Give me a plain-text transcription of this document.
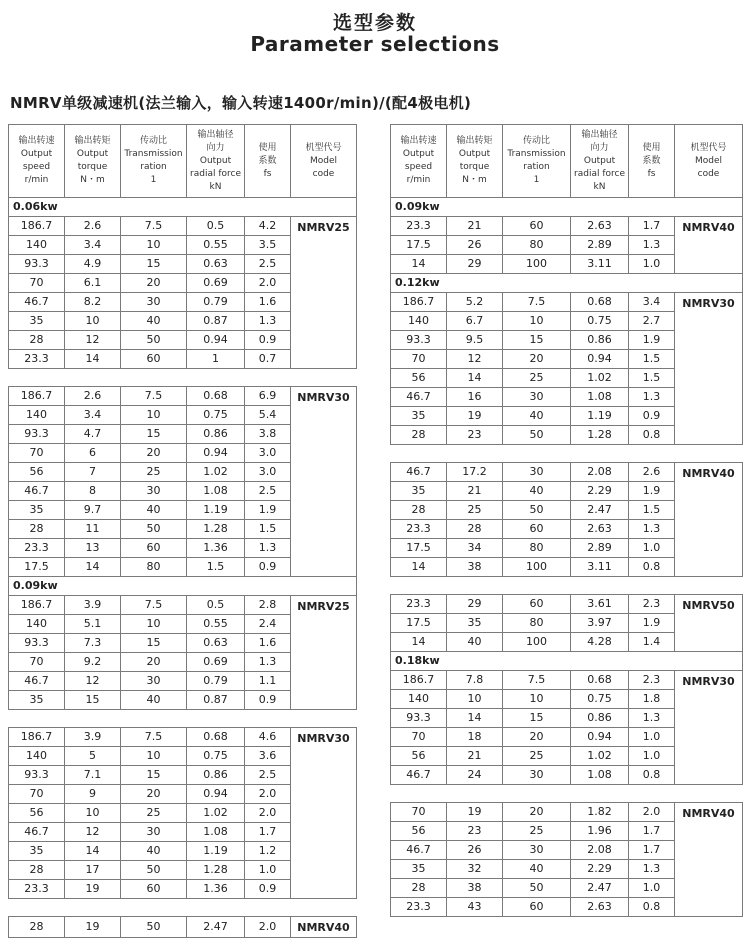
选型参数
Parameter selections
NMRV单级减速机(法兰输入，输入转速1400r/min)/(配4极电机)
输出转速
Output
speed
r/min	输出转矩
Output
torque
N・m	传动比
Transmission
ration
1	输出轴径
向力
Output
radial force
kN	使用
系数
fs	机型代号
Model
code

0.06kw					
186.7	2.6	7.5	0.5	4.2	NMRV25
140	3.4	10	0.55	3.5	
93.3	4.9	15	0.63	2.5	
70	6.1	20	0.69	2.0	
46.7	8.2	30	0.79	1.6	
35	10	40	0.87	1.3	
28	12	50	0.94	0.9	
23.3	14	60	1	0.7	

186.7	2.6	7.5	0.68	6.9	NMRV30
140	3.4	10	0.75	5.4	
93.3	4.7	15	0.86	3.8	
70	6	20	0.94	3.0	
56	7	25	1.02	3.0	
46.7	8	30	1.08	2.5	
35	9.7	40	1.19	1.9	
28	11	50	1.28	1.5	
23.3	13	60	1.36	1.3	
17.5	14	80	1.5	0.9	
0.09kw					
186.7	3.9	7.5	0.5	2.8	NMRV25
140	5.1	10	0.55	2.4	
93.3	7.3	15	0.63	1.6	
70	9.2	20	0.69	1.3	
46.7	12	30	0.79	1.1	
35	15	40	0.87	0.9	

186.7	3.9	7.5	0.68	4.6	NMRV30
140	5	10	0.75	3.6	
93.3	7.1	15	0.86	2.5	
70	9	20	0.94	2.0	
56	10	25	1.02	2.0	
46.7	12	30	1.08	1.7	
35	14	40	1.19	1.2	
28	17	50	1.28	1.0	
23.3	19	60	1.36	0.9	

28	19	50	2.47	2.0	NMRV40
输出转速
Output
speed
r/min	输出转矩
Output
torque
N・m	传动比
Transmission
ration
1	输出轴径
向力
Output
radial force
kN	使用
系数
fs	机型代号
Model
code

0.09kw					
23.3	21	60	2.63	1.7	NMRV40
17.5	26	80	2.89	1.3	
14	29	100	3.11	1.0	
0.12kw					
186.7	5.2	7.5	0.68	3.4	NMRV30
140	6.7	10	0.75	2.7	
93.3	9.5	15	0.86	1.9	
70	12	20	0.94	1.5	
56	14	25	1.02	1.5	
46.7	16	30	1.08	1.3	
35	19	40	1.19	0.9	
28	23	50	1.28	0.8	

46.7	17.2	30	2.08	2.6	NMRV40
35	21	40	2.29	1.9	
28	25	50	2.47	1.5	
23.3	28	60	2.63	1.3	
17.5	34	80	2.89	1.0	
14	38	100	3.11	0.8	

23.3	29	60	3.61	2.3	NMRV50
17.5	35	80	3.97	1.9	
14	40	100	4.28	1.4	
0.18kw					
186.7	7.8	7.5	0.68	2.3	NMRV30
140	10	10	0.75	1.8	
93.3	14	15	0.86	1.3	
70	18	20	0.94	1.0	
56	21	25	1.02	1.0	
46.7	24	30	1.08	0.8	

70	19	20	1.82	2.0	NMRV40
56	23	25	1.96	1.7	
46.7	26	30	2.08	1.7	
35	32	40	2.29	1.3	
28	38	50	2.47	1.0	
23.3	43	60	2.63	0.8	
